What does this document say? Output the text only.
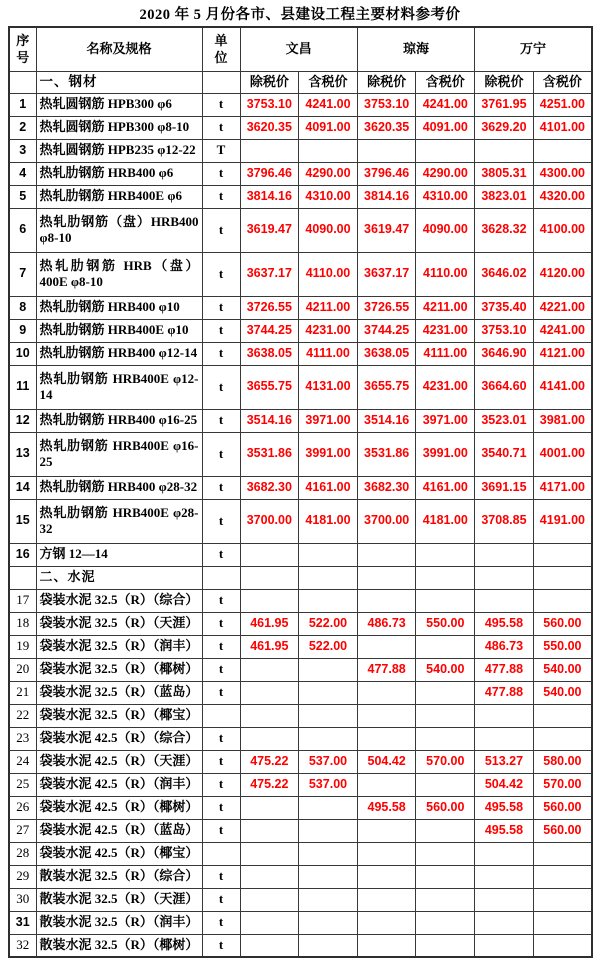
2020 年 5 月份各市、县建设工程主要材料参考价
序号	名称及规格	单位	文昌		琼海		万宁	
	一、钢材		除税价	含税价	除税价	含税价	除税价	含税价
1	热轧圆钢筋 HPB300 φ6	t	3753.10	4241.00	3753.10	4241.00	3761.95	4251.00
2	热轧圆钢筋 HPB300 φ8-10	t	3620.35	4091.00	3620.35	4091.00	3629.20	4101.00
3	热轧圆钢筋 HPB235 φ12-22	T						
4	热轧肋钢筋 HRB400 φ6	t	3796.46	4290.00	3796.46	4290.00	3805.31	4300.00
5	热轧肋钢筋 HRB400E φ6	t	3814.16	4310.00	3814.16	4310.00	3823.01	4320.00
6	热轧肋钢筋（盘）HRB400 φ8-10	t	3619.47	4090.00	3619.47	4090.00	3628.32	4100.00
7	热轧肋钢筋 HRB（盘）400E φ8-10	t	3637.17	4110.00	3637.17	4110.00	3646.02	4120.00
8	热轧肋钢筋 HRB400 φ10	t	3726.55	4211.00	3726.55	4211.00	3735.40	4221.00
9	热轧肋钢筋 HRB400E φ10	t	3744.25	4231.00	3744.25	4231.00	3753.10	4241.00
10	热轧肋钢筋 HRB400 φ12-14	t	3638.05	4111.00	3638.05	4111.00	3646.90	4121.00
11	热轧肋钢筋 HRB400E φ12-14	t	3655.75	4131.00	3655.75	4231.00	3664.60	4141.00
12	热轧肋钢筋 HRB400 φ16-25	t	3514.16	3971.00	3514.16	3971.00	3523.01	3981.00
13	热轧肋钢筋 HRB400E φ16-25	t	3531.86	3991.00	3531.86	3991.00	3540.71	4001.00
14	热轧肋钢筋 HRB400 φ28-32	t	3682.30	4161.00	3682.30	4161.00	3691.15	4171.00
15	热轧肋钢筋 HRB400E φ28-32	t	3700.00	4181.00	3700.00	4181.00	3708.85	4191.00
16	方钢 12—14	t						
	二、水泥							
17	袋装水泥 32.5（R）（综合）	t						
18	袋装水泥 32.5（R）（天涯）	t	461.95	522.00	486.73	550.00	495.58	560.00
19	袋装水泥 32.5（R）（润丰）	t	461.95	522.00			486.73	550.00
20	袋装水泥 32.5（R）（椰树）	t			477.88	540.00	477.88	540.00
21	袋装水泥 32.5（R）（蓝岛）	t					477.88	540.00
22	袋装水泥 32.5（R）（椰宝）							
23	袋装水泥 42.5（R）（综合）	t						
24	袋装水泥 42.5（R）（天涯）	t	475.22	537.00	504.42	570.00	513.27	580.00
25	袋装水泥 42.5（R）（润丰）	t	475.22	537.00			504.42	570.00
26	袋装水泥 42.5（R）（椰树）	t			495.58	560.00	495.58	560.00
27	袋装水泥 42.5（R）（蓝岛）	t					495.58	560.00
28	袋装水泥 42.5（R）（椰宝）							
29	散装水泥 32.5（R）（综合）	t						
30	散装水泥 32.5（R）（天涯）	t						
31	散装水泥 32.5（R）（润丰）	t						
32	散装水泥 32.5（R）（椰树）	t						
